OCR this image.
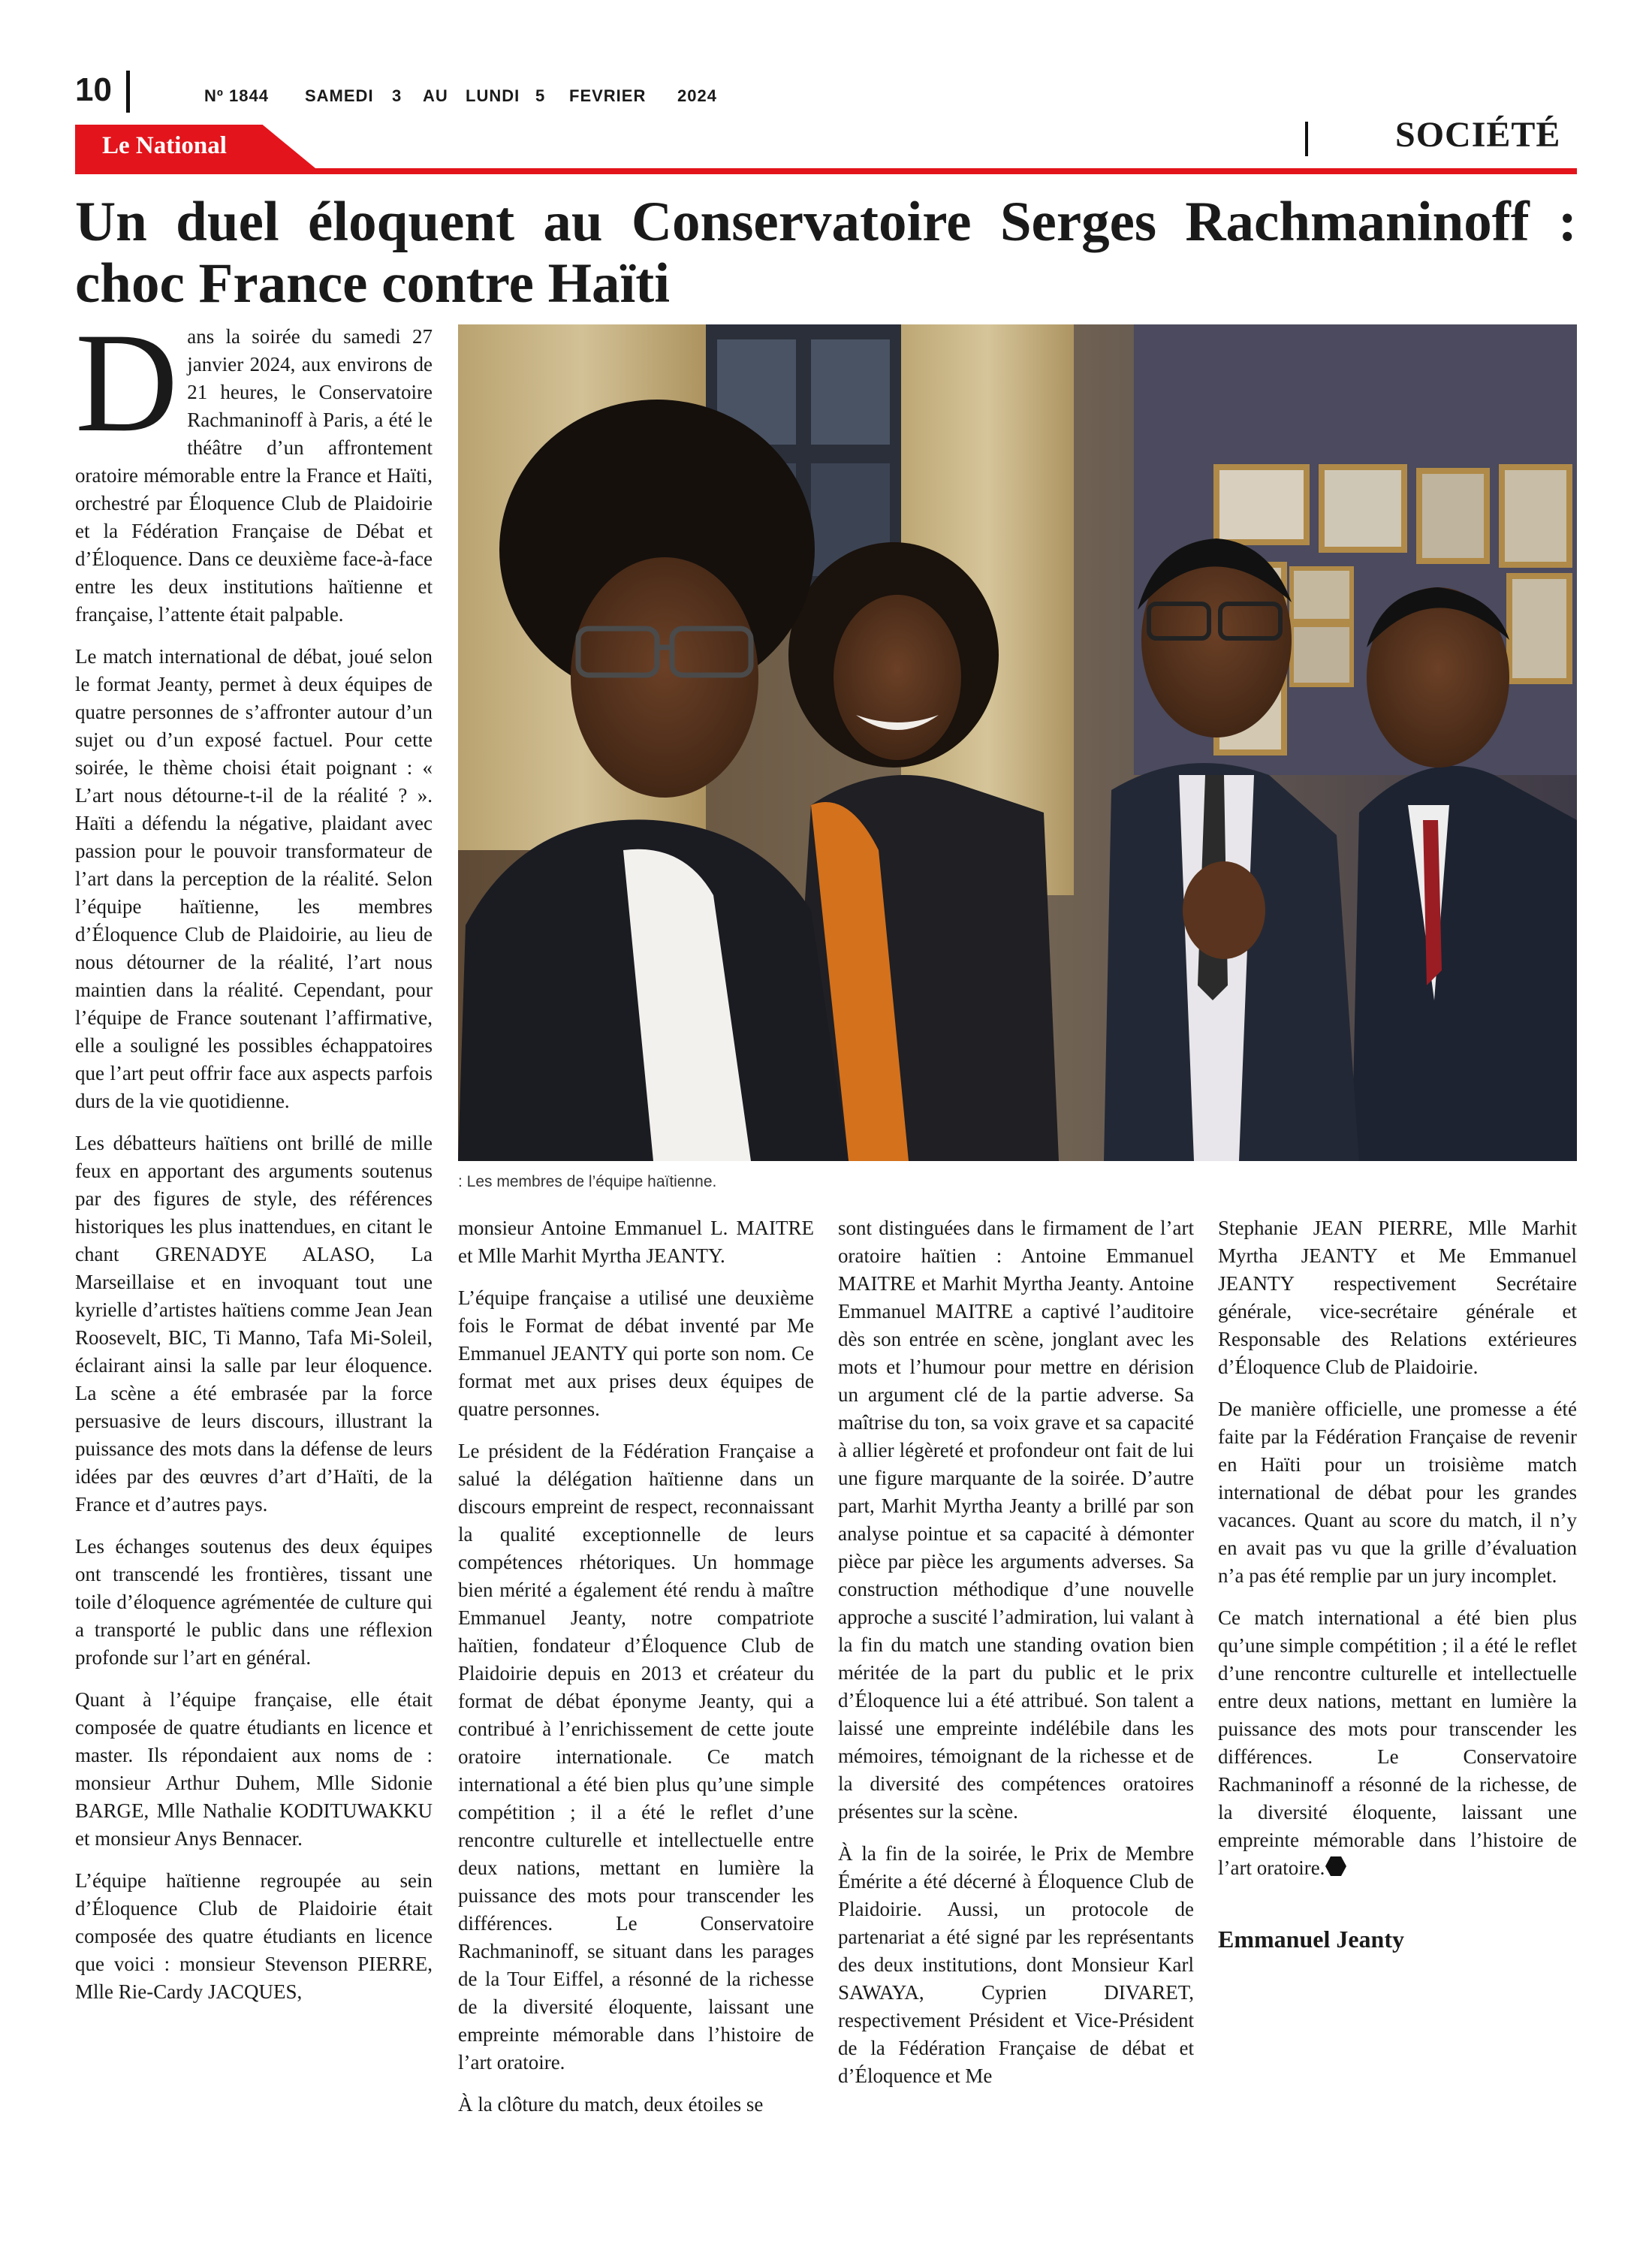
10	Nº 1844 SAMEDI 3 AU LUNDI 5 FEVRIER 2024
Le National	SOCIÉTÉ
Un duel éloquent au Conservatoire Serges Rachmaninoff :
choc France contre Haïti

Dans la soirée du samedi 27 janvier 2024, aux environs de 21 heures, le Conservatoire Rachmaninoff à Paris, a été le théâtre d’un affrontement oratoire mémorable entre la France et Haïti, orchestré par Éloquence Club de Plaidoirie et la Fédération Française de Débat et d’Éloquence. Dans ce deuxième face-à-face entre les deux institutions haïtienne et française, l’attente était palpable.

Le match international de débat, joué selon le format Jeanty, permet à deux équipes de quatre personnes de s’affronter autour d’un sujet ou d’un exposé factuel. Pour cette soirée, le thème choisi était poignant : « L’art nous détourne-t-il de la réalité ? ». Haïti a défendu la négative, plaidant avec passion pour le pouvoir transformateur de l’art dans la perception de la réalité. Selon l’équipe haïtienne, les membres d’Éloquence Club de Plaidoirie, au lieu de nous détourner de la réalité, l’art nous maintien dans la réalité. Cependant, pour l’équipe de France soutenant l’affirmative, elle a souligné les possibles échappatoires que l’art peut offrir face aux aspects parfois durs de la vie quotidienne.

Les débatteurs haïtiens ont brillé de mille feux en apportant des arguments soutenus par des figures de style, des références historiques les plus inattendues, en citant le chant GRENADYE ALASO, La Marseillaise et en invoquant tout une kyrielle d’artistes haïtiens comme Jean Jean Roosevelt, BIC, Ti Manno, Tafa Mi-Soleil, éclairant ainsi la salle par leur éloquence. La scène a été embrasée par la force persuasive de leurs discours, illustrant la puissance des mots dans la défense de leurs idées par des œuvres d’art d’Haïti, de la France et d’autres pays.

Les échanges soutenus des deux équipes ont transcendé les frontières, tissant une toile d’éloquence agrémentée de culture qui a transporté le public dans une réflexion profonde sur l’art en général.

Quant à l’équipe française, elle était composée de quatre étudiants en licence et master. Ils répondaient aux noms de : monsieur Arthur Duhem, Mlle Sidonie BARGE, Mlle Nathalie KODITUWAKKU et monsieur Anys Bennacer.

L’équipe haïtienne regroupée au sein d’Éloquence Club de Plaidoirie était composée des quatre étudiants en licence que voici : monsieur Stevenson PIERRE, Mlle Rie-Cardy JACQUES,

: Les membres de l’équipe haïtienne.

monsieur Antoine Emmanuel L. MAITRE et Mlle Marhit Myrtha JEANTY.

L’équipe française a utilisé une deuxième fois le Format de débat inventé par Me Emmanuel JEANTY qui porte son nom. Ce format met aux prises deux équipes de quatre personnes.

Le président de la Fédération Française a salué la délégation haïtienne dans un discours empreint de respect, reconnaissant la qualité exceptionnelle de leurs compétences rhétoriques. Un hommage bien mérité a également été rendu à maître Emmanuel Jeanty, notre compatriote haïtien, fondateur d’Éloquence Club de Plaidoirie depuis en 2013 et créateur du format de débat éponyme Jeanty, qui a contribué à l’enrichissement de cette joute oratoire internationale. Ce match international a été bien plus qu’une simple compétition ; il a été le reflet d’une rencontre culturelle et intellectuelle entre deux nations, mettant en lumière la puissance des mots pour transcender les différences. Le Conservatoire Rachmaninoff, se situant dans les parages de la Tour Eiffel, a résonné de la richesse de la diversité éloquente, laissant une empreinte mémorable dans l’histoire de l’art oratoire.

À la clôture du match, deux étoiles se

sont distinguées dans le firmament de l’art oratoire haïtien : Antoine Emmanuel MAITRE et Marhit Myrtha Jeanty. Antoine Emmanuel MAITRE a captivé l’auditoire dès son entrée en scène, jonglant avec les mots et l’humour pour mettre en dérision un argument clé de la partie adverse. Sa maîtrise du ton, sa voix grave et sa capacité à allier légèreté et profondeur ont fait de lui une figure marquante de la soirée. D’autre part, Marhit Myrtha Jeanty a brillé par son analyse pointue et sa capacité à démonter pièce par pièce les arguments adverses. Sa construction méthodique d’une nouvelle approche a suscité l’admiration, lui valant à la fin du match une standing ovation bien méritée de la part du public et le prix d’Éloquence lui a été attribué. Son talent a laissé une empreinte indélébile dans les mémoires, témoignant de la richesse et de la diversité des compétences oratoires présentes sur la scène.

À la fin de la soirée, le Prix de Membre Émérite a été décerné à Éloquence Club de Plaidoirie. Aussi, un protocole de partenariat a été signé par les représentants des deux institutions, dont Monsieur Karl SAWAYA, Cyprien DIVARET, respectivement Président et Vice-Président de la Fédération Française de débat et d’Éloquence et Me

Stephanie JEAN PIERRE, Mlle Marhit Myrtha JEANTY et Me Emmanuel JEANTY respectivement Secrétaire générale, vice-secrétaire générale et Responsable des Relations extérieures d’Éloquence Club de Plaidoirie.

De manière officielle, une promesse a été faite par la Fédération Française de revenir en Haïti pour un troisième match international de débat pour les grandes vacances. Quant au score du match, il n’y en avait pas vu que la grille d’évaluation n’a pas été remplie par un jury incomplet.

Ce match international a été bien plus qu’une simple compétition ; il a été le reflet d’une rencontre culturelle et intellectuelle entre deux nations, mettant en lumière la puissance des mots pour transcender les différences. Le Conservatoire Rachmaninoff a résonné de la richesse, de la diversité éloquente, laissant une empreinte mémorable dans l’histoire de l’art oratoire.

Emmanuel Jeanty
